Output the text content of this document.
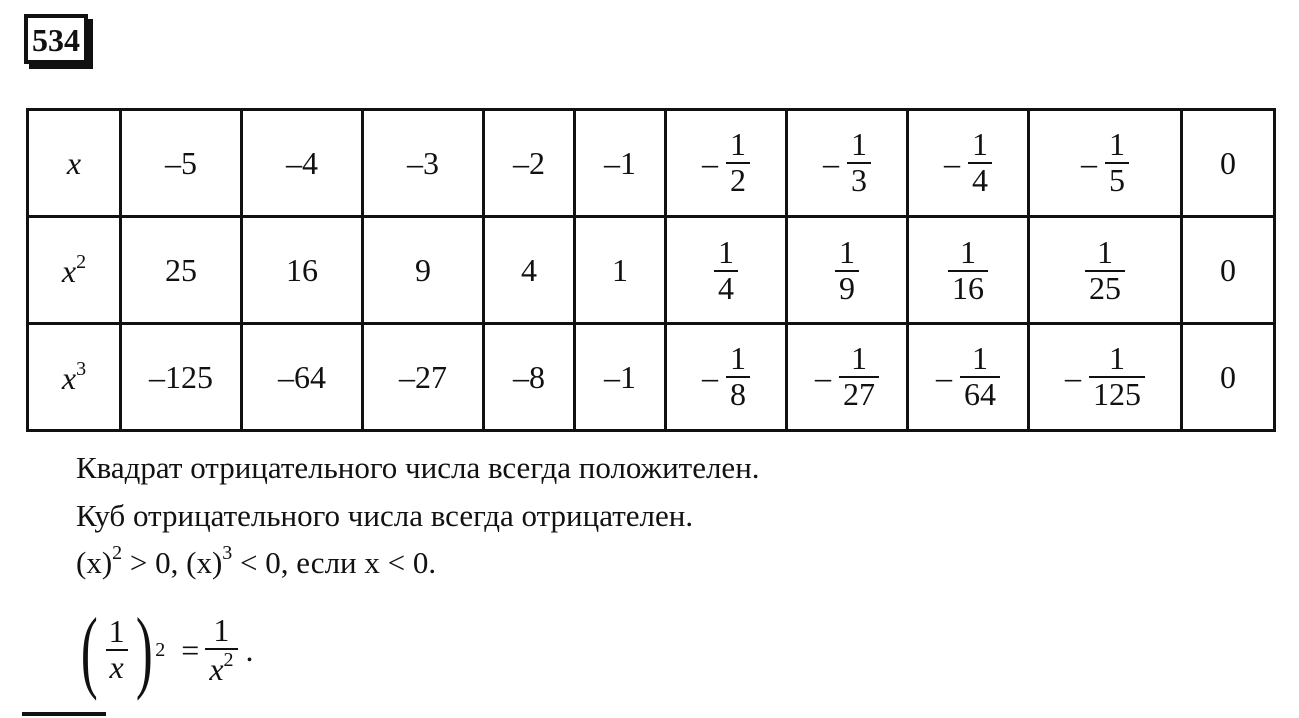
534
x	–5	–4	–3	–2	–1	– $\frac{1}{2}$	– $\frac{1}{3}$	– $\frac{1}{4}$	– $\frac{1}{5}$	0
$x^2$	25	16	9	4	1	$\frac{1}{4}$	$\frac{1}{9}$	$\frac{1}{16}$	$\frac{1}{25}$	0
$x^3$	–125	–64	–27	–8	–1	– $\frac{1}{8}$	– $\frac{1}{27}$	– $\frac{1}{64}$	– $\frac{1}{125}$	0
Квадрат отрицательного числа всегда положителен.
Куб отрицательного числа всегда отрицателен.
$(x)^2 > 0$, $(x)^3 < 0$, если x < 0.
( $\frac{1}{x}$ ) $2 = \frac{1}{x^2}$ .
